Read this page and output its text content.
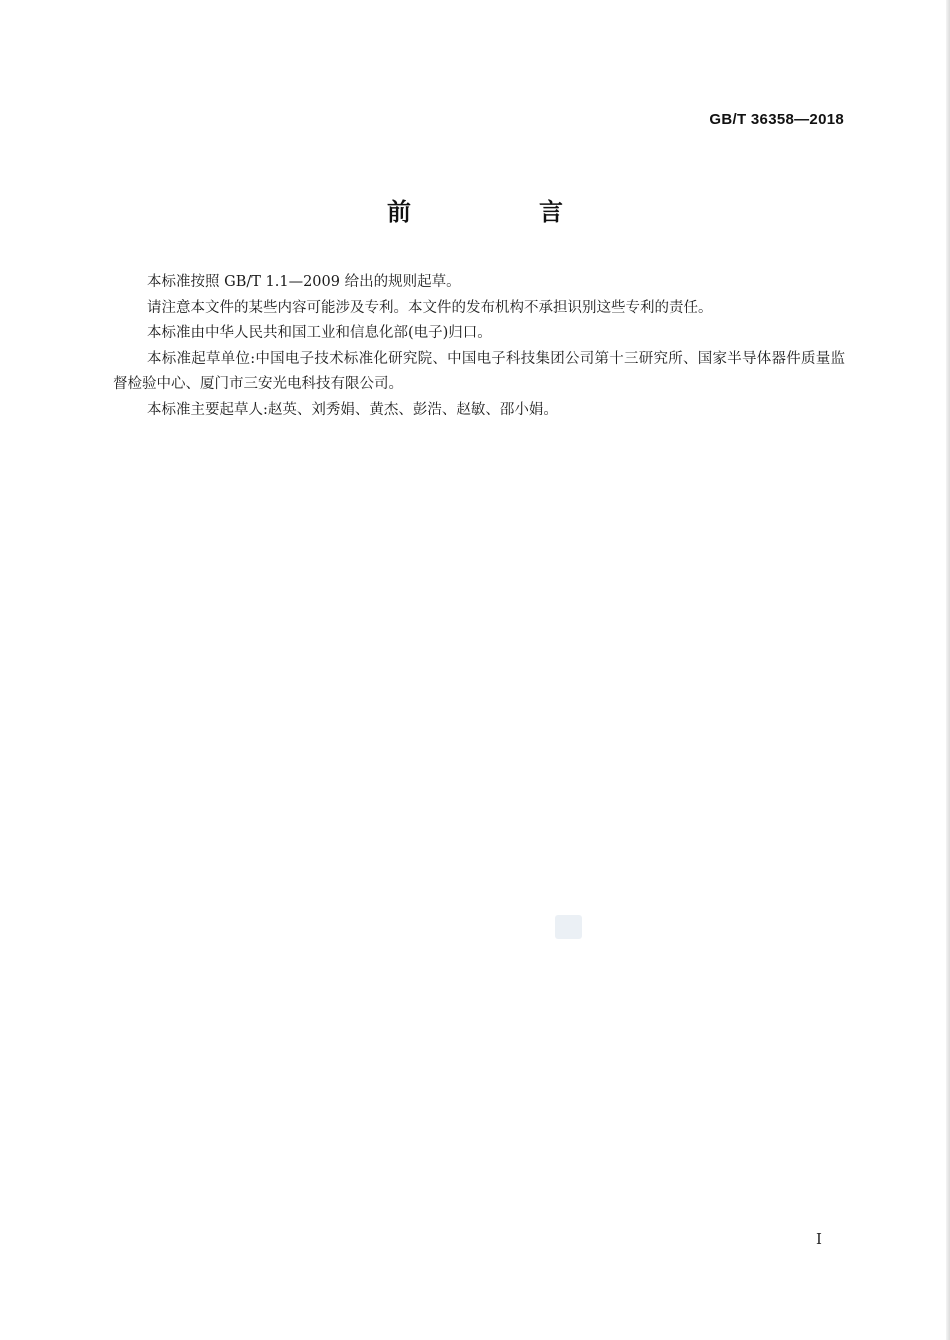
GB/T 36358—2018
前　言

本标准按照 GB/T 1.1—2009 给出的规则起草。

请注意本文件的某些内容可能涉及专利。本文件的发布机构不承担识别这些专利的责任。

本标准由中华人民共和国工业和信息化部(电子)归口。

本标准起草单位:中国电子技术标准化研究院、中国电子科技集团公司第十三研究所、国家半导体器件质量监督检验中心、厦门市三安光电科技有限公司。

本标准主要起草人:赵英、刘秀娟、黄杰、彭浩、赵敏、邵小娟。

I
